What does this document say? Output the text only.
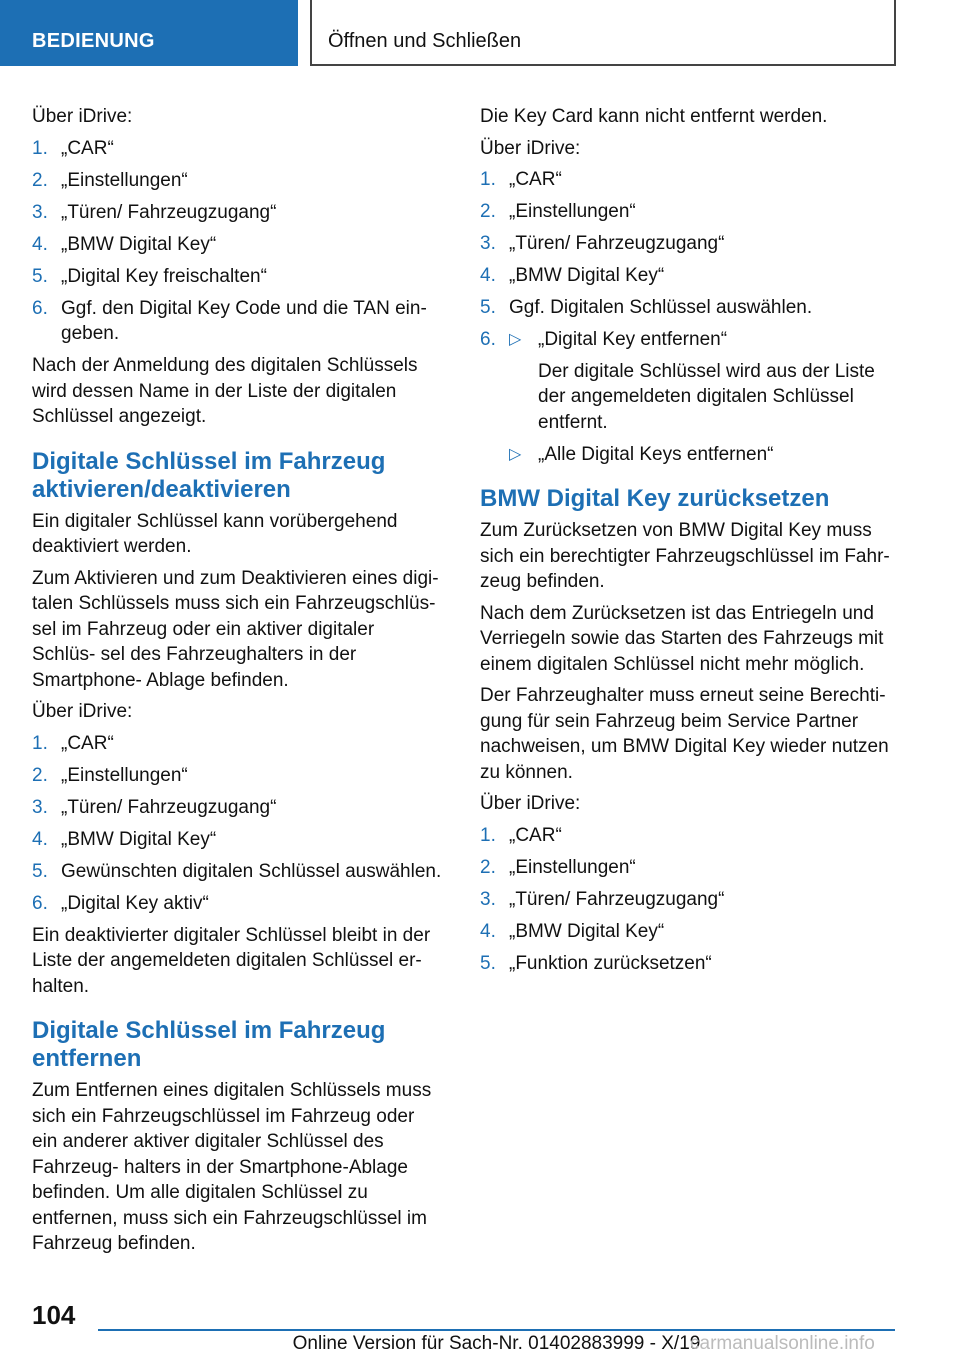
BEDIENUNG	Öffnen und Schließen

Über iDrive:

1. „CAR“
2. „Einstellungen“
3. „Türen/ Fahrzeugzugang“
4. „BMW Digital Key“
5. „Digital Key freischalten“
6. Ggf. den Digital Key Code und die TAN ein‐ geben.

Nach der Anmeldung des digitalen Schlüssels wird dessen Name in der Liste der digitalen Schlüssel angezeigt.

Digitale Schlüssel im Fahrzeug aktivieren/deaktivieren

Ein digitaler Schlüssel kann vorübergehend deaktiviert werden.

Zum Aktivieren und zum Deaktivieren eines digi‐ talen Schlüssels muss sich ein Fahrzeugschlüs‐ sel im Fahrzeug oder ein aktiver digitaler Schlüs‐ sel des Fahrzeughalters in der Smartphone- Ablage befinden.

Über iDrive:

1. „CAR“
2. „Einstellungen“
3. „Türen/ Fahrzeugzugang“
4. „BMW Digital Key“
5. Gewünschten digitalen Schlüssel auswählen.
6. „Digital Key aktiv“

Ein deaktivierter digitaler Schlüssel bleibt in der Liste der angemeldeten digitalen Schlüssel er‐ halten.

Digitale Schlüssel im Fahrzeug entfernen

Zum Entfernen eines digitalen Schlüssels muss sich ein Fahrzeugschlüssel im Fahrzeug oder ein anderer aktiver digitaler Schlüssel des Fahrzeug‐ halters in der Smartphone-Ablage befinden. Um alle digitalen Schlüssel zu entfernen, muss sich ein Fahrzeugschlüssel im Fahrzeug befinden.

Die Key Card kann nicht entfernt werden.

Über iDrive:

1. „CAR“
2. „Einstellungen“
3. „Türen/ Fahrzeugzugang“
4. „BMW Digital Key“
5. Ggf. Digitalen Schlüssel auswählen.
6. ▷ „Digital Key entfernen“
Der digitale Schlüssel wird aus der Liste der angemeldeten digitalen Schlüssel entfernt.
▷ „Alle Digital Keys entfernen“
BMW Digital Key zurücksetzen

Zum Zurücksetzen von BMW Digital Key muss sich ein berechtigter Fahrzeugschlüssel im Fahr‐ zeug befinden.

Nach dem Zurücksetzen ist das Entriegeln und Verriegeln sowie das Starten des Fahrzeugs mit einem digitalen Schlüssel nicht mehr möglich.

Der Fahrzeughalter muss erneut seine Berechti‐ gung für sein Fahrzeug beim Service Partner nachweisen, um BMW Digital Key wieder nutzen zu können.

Über iDrive:

1. „CAR“
2. „Einstellungen“
3. „Türen/ Fahrzeugzugang“
4. „BMW Digital Key“
5. „Funktion zurücksetzen“
104
Online Version für Sach-Nr. 01402883999 - X/19
carmanualsonline.info
